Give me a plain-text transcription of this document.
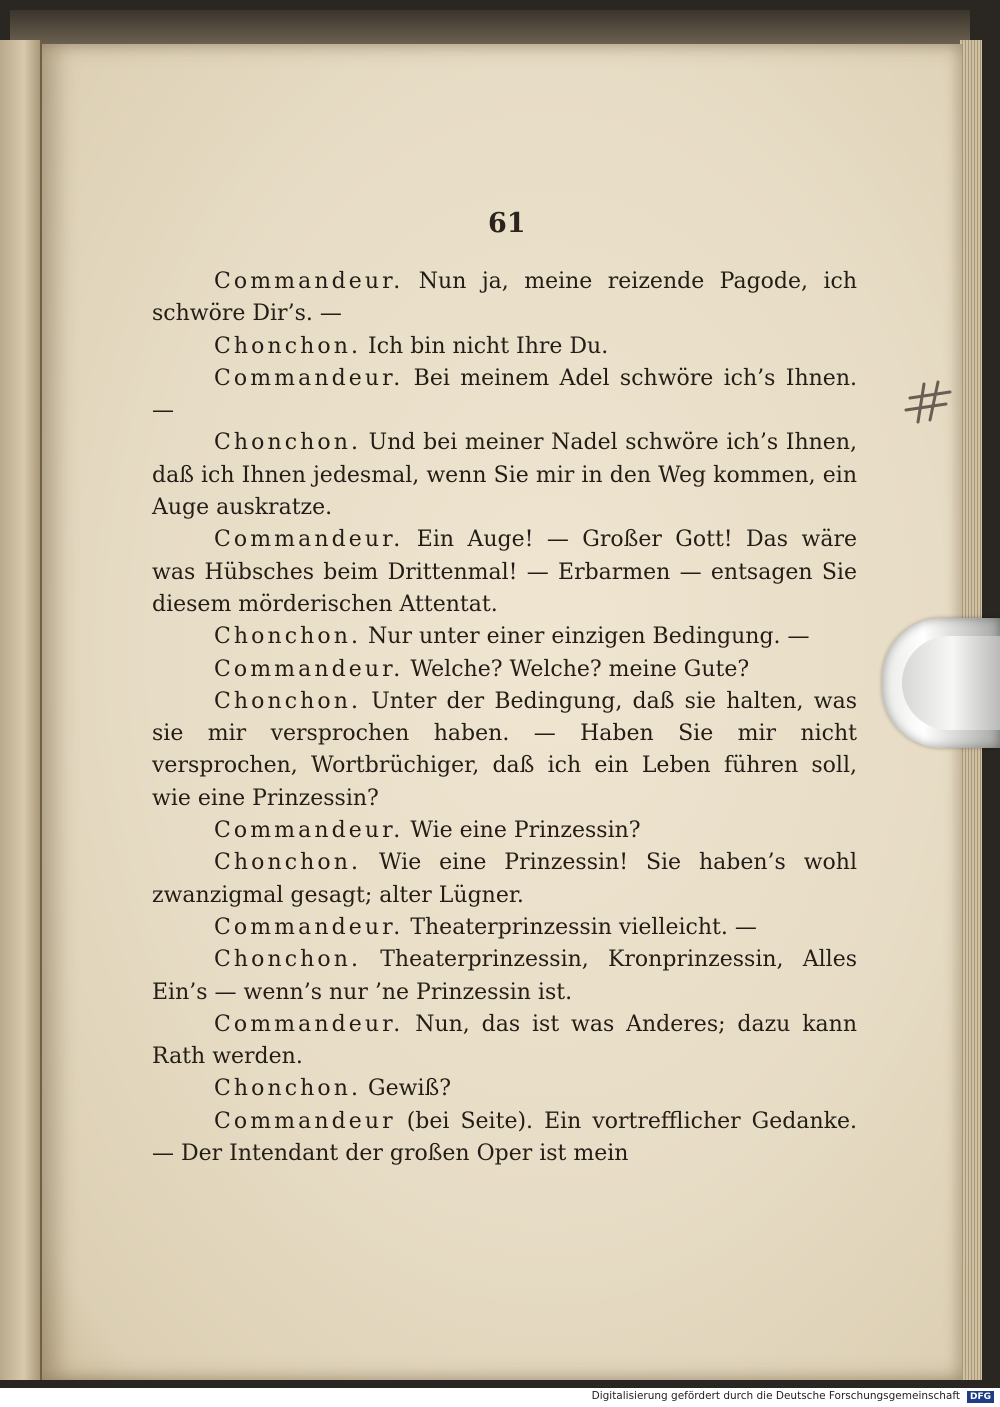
61

Commandeur. Nun ja, meine reizende Pagode, ich schwöre Dir’s. —

Chonchon. Ich bin nicht Ihre Du.

Commandeur. Bei meinem Adel schwöre ich’s Ihnen. —

Chonchon. Und bei meiner Nadel schwöre ich’s Ihnen, daß ich Ihnen jedesmal, wenn Sie mir in den Weg kommen, ein Auge auskratze.

Commandeur. Ein Auge! — Großer Gott! Das wäre was Hübsches beim Drittenmal! — Erbarmen — entsagen Sie diesem mörderischen Attentat.

Chonchon. Nur unter einer einzigen Bedingung. —

Commandeur. Welche? Welche? meine Gute?

Chonchon. Unter der Bedingung, daß sie halten, was sie mir versprochen haben. — Haben Sie mir nicht versprochen, Wortbrüchiger, daß ich ein Leben führen soll, wie eine Prinzessin?

Commandeur. Wie eine Prinzessin?

Chonchon. Wie eine Prinzessin! Sie haben’s wohl zwanzigmal gesagt; alter Lügner.

Commandeur. Theaterprinzessin vielleicht. —

Chonchon. Theaterprinzessin, Kronprinzessin, Alles Ein’s — wenn’s nur ’ne Prinzessin ist.

Commandeur. Nun, das ist was Anderes; dazu kann Rath werden.

Chonchon. Gewiß?

Commandeur (bei Seite). Ein vortrefflicher Gedanke. — Der Intendant der großen Oper ist mein

Digitalisierung gefördert durch die Deutsche Forschungsgemeinschaft	DFG
